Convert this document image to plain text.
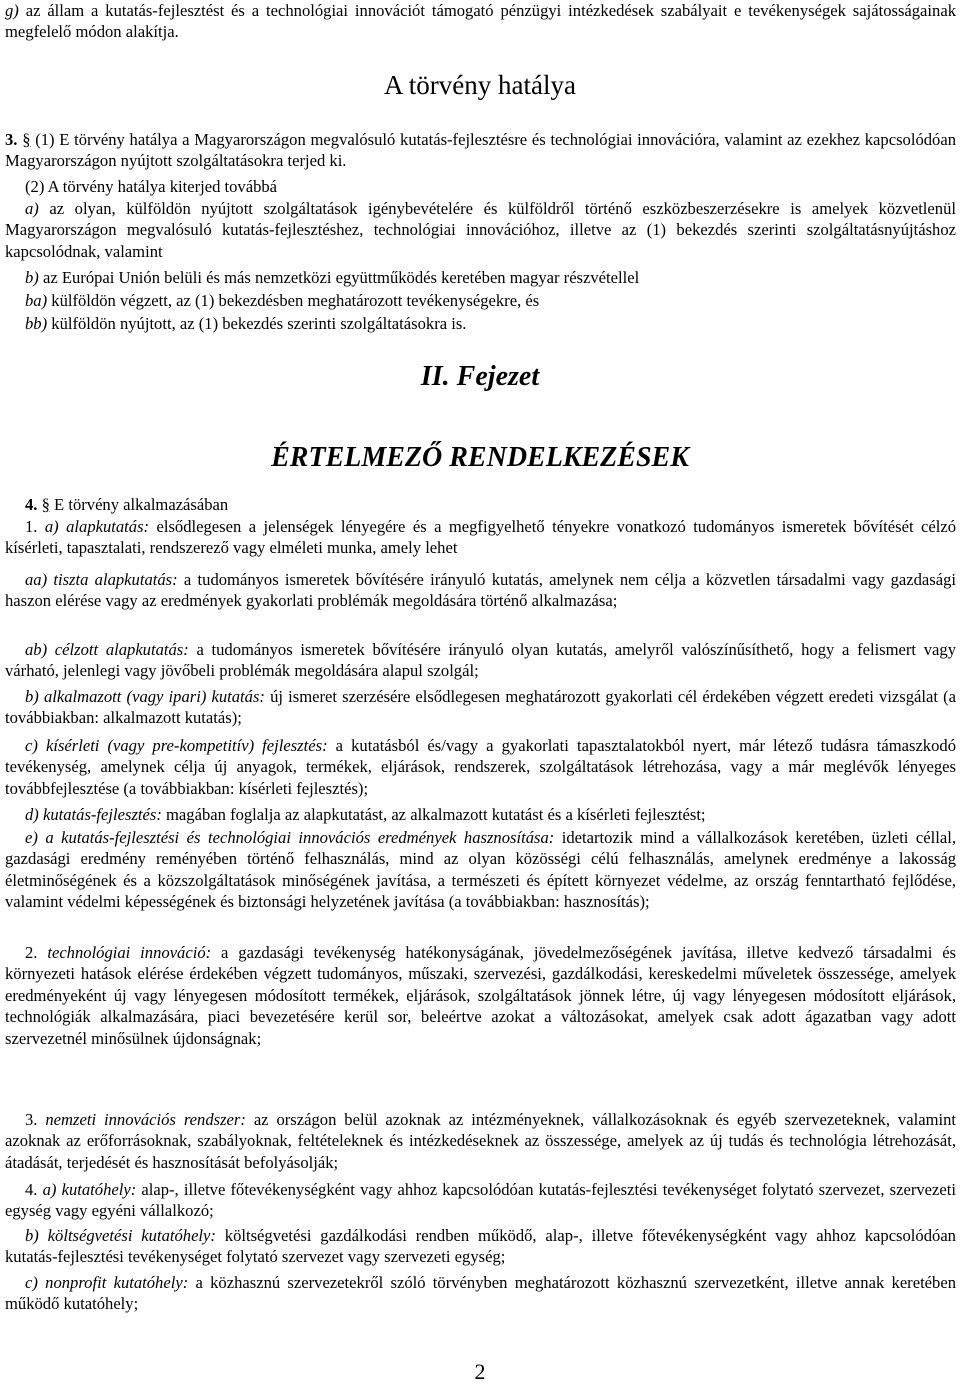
g) az állam a kutatás-fejlesztést és a technológiai innovációt támogató pénzügyi intézkedések szabályait e tevékenységek sajátosságainak megfelelő módon alakítja.

A törvény hatálya

3. § (1) E törvény hatálya a Magyarországon megvalósuló kutatás-fejlesztésre és technológiai innovációra, valamint az ezekhez kapcsolódóan Magyarországon nyújtott szolgáltatásokra terjed ki.

(2) A törvény hatálya kiterjed továbbá

a) az olyan, külföldön nyújtott szolgáltatások igénybevételére és külföldről történő eszközbeszerzésekre is amelyek közvetlenül Magyarországon megvalósuló kutatás-fejlesztéshez, technológiai innovációhoz, illetve az (1) bekezdés szerinti szolgáltatásnyújtáshoz kapcsolódnak, valamint

b) az Európai Unión belüli és más nemzetközi együttműködés keretében magyar részvétellel

ba) külföldön végzett, az (1) bekezdésben meghatározott tevékenységekre, és

bb) külföldön nyújtott, az (1) bekezdés szerinti szolgáltatásokra is.

II. Fejezet
ÉRTELMEZŐ RENDELKEZÉSEK

4. § E törvény alkalmazásában

1. a) alapkutatás: elsődlegesen a jelenségek lényegére és a megfigyelhető tényekre vonatkozó tudományos ismeretek bővítését célzó kísérleti, tapasztalati, rendszerező vagy elméleti munka, amely lehet

aa) tiszta alapkutatás: a tudományos ismeretek bővítésére irányuló kutatás, amelynek nem célja a közvetlen társadalmi vagy gazdasági haszon elérése vagy az eredmények gyakorlati problémák megoldására történő alkalmazása;

ab) célzott alapkutatás: a tudományos ismeretek bővítésére irányuló olyan kutatás, amelyről valószínűsíthető, hogy a felismert vagy várható, jelenlegi vagy jövőbeli problémák megoldására alapul szolgál;

b) alkalmazott (vagy ipari) kutatás: új ismeret szerzésére elsődlegesen meghatározott gyakorlati cél érdekében végzett eredeti vizsgálat (a továbbiakban: alkalmazott kutatás);

c) kísérleti (vagy pre-kompetitív) fejlesztés: a kutatásból és/vagy a gyakorlati tapasztalatokból nyert, már létező tudásra támaszkodó tevékenység, amelynek célja új anyagok, termékek, eljárások, rendszerek, szolgáltatások létrehozása, vagy a már meglévők lényeges továbbfejlesztése (a továbbiakban: kísérleti fejlesztés);

d) kutatás-fejlesztés: magában foglalja az alapkutatást, az alkalmazott kutatást és a kísérleti fejlesztést;

e) a kutatás-fejlesztési és technológiai innovációs eredmények hasznosítása: idetartozik mind a vállalkozások keretében, üzleti céllal, gazdasági eredmény reményében történő felhasználás, mind az olyan közösségi célú felhasználás, amelynek eredménye a lakosság életminőségének és a közszolgáltatások minőségének javítása, a természeti és épített környezet védelme, az ország fenntartható fejlődése, valamint védelmi képességének és biztonsági helyzetének javítása (a továbbiakban: hasznosítás);

2. technológiai innováció: a gazdasági tevékenység hatékonyságának, jövedelmezőségének javítása, illetve kedvező társadalmi és környezeti hatások elérése érdekében végzett tudományos, műszaki, szervezési, gazdálkodási, kereskedelmi műveletek összessége, amelyek eredményeként új vagy lényegesen módosított termékek, eljárások, szolgáltatások jönnek létre, új vagy lényegesen módosított eljárások, technológiák alkalmazására, piaci bevezetésére kerül sor, beleértve azokat a változásokat, amelyek csak adott ágazatban vagy adott szervezetnél minősülnek újdonságnak;

3. nemzeti innovációs rendszer: az országon belül azoknak az intézményeknek, vállalkozásoknak és egyéb szervezeteknek, valamint azoknak az erőforrásoknak, szabályoknak, feltételeknek és intézkedéseknek az összessége, amelyek az új tudás és technológia létrehozását, átadását, terjedését és hasznosítását befolyásolják;

4. a) kutatóhely: alap-, illetve főtevékenységként vagy ahhoz kapcsolódóan kutatás-fejlesztési tevékenységet folytató szervezet, szervezeti egység vagy egyéni vállalkozó;

b) költségvetési kutatóhely: költségvetési gazdálkodási rendben működő, alap-, illetve főtevékenységként vagy ahhoz kapcsolódóan kutatás-fejlesztési tevékenységet folytató szervezet vagy szervezeti egység;

c) nonprofit kutatóhely: a közhasznú szervezetekről szóló törvényben meghatározott közhasznú szervezetként, illetve annak keretében működő kutatóhely;

2
